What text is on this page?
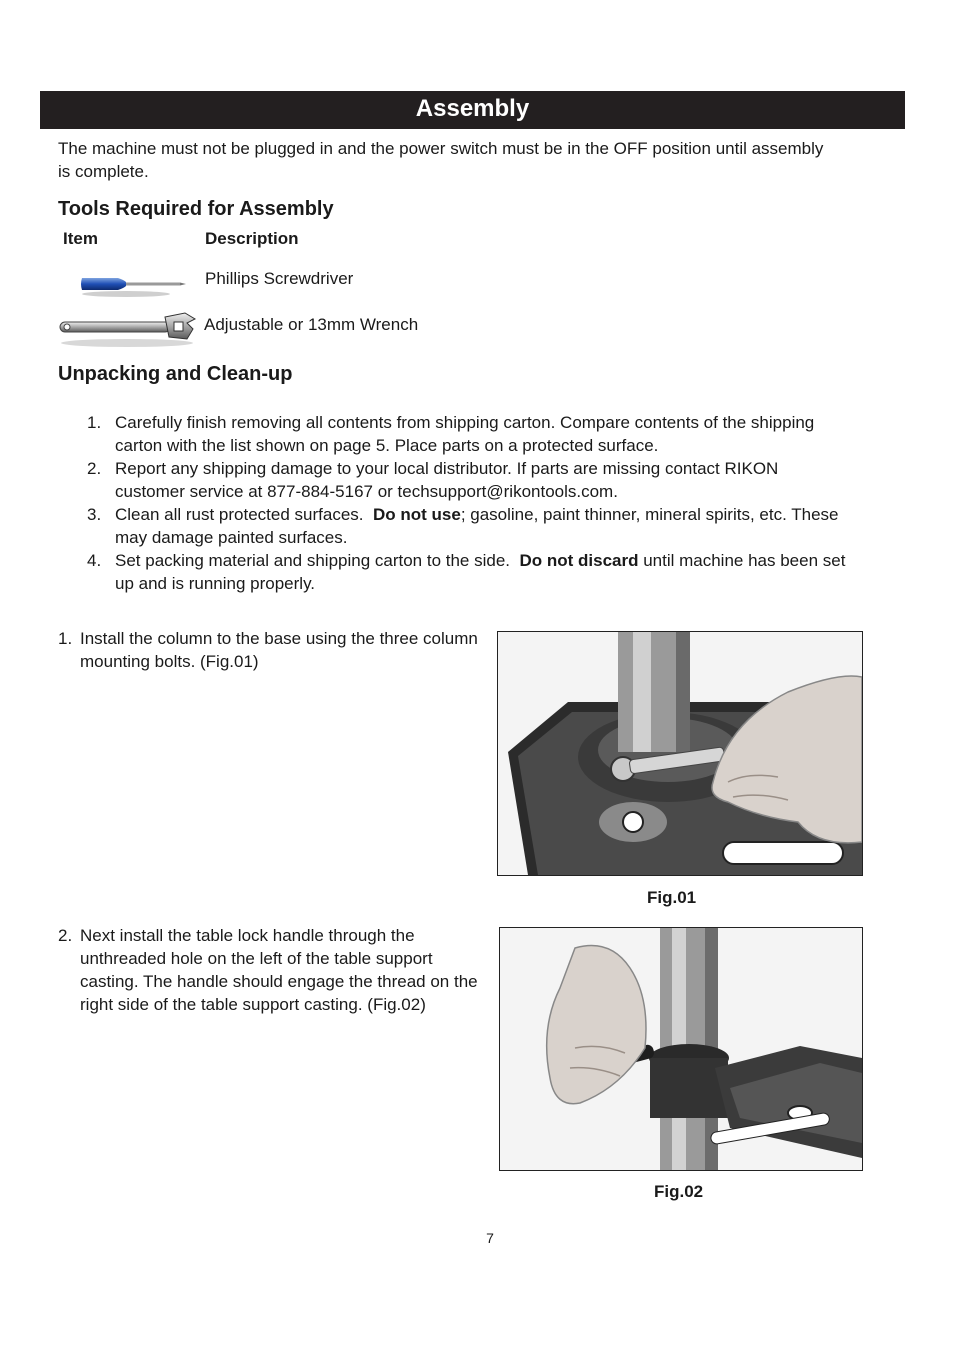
Assembly
The machine must not be plugged in and the power switch must be in the OFF position until assembly is complete.
Tools Required for Assembly
Item	Description
Phillips Screwdriver
Adjustable or 13mm Wrench
Unpacking and Clean-up
1. Carefully finish removing all contents from shipping carton. Compare contents of the shipping carton with the list shown on page 5. Place parts on a protected surface.
2. Report any shipping damage to your local distributor. If parts are missing contact RIKON customer service at 877-884-5167 or techsupport@rikontools.com.
3. Clean all rust protected surfaces.  Do not use; gasoline, paint thinner, mineral spirits, etc. These may damage painted surfaces.
4. Set packing material and shipping carton to the side.  Do not discard until machine has been set up and is running properly.
1. Install the column to the base using the three column mounting bolts. (Fig.01)
Fig.01
2. Next install the table lock handle through the unthreaded hole on the left of the table support casting. The handle should engage the thread on the right side of the table support casting. (Fig.02)
Fig.02
7
